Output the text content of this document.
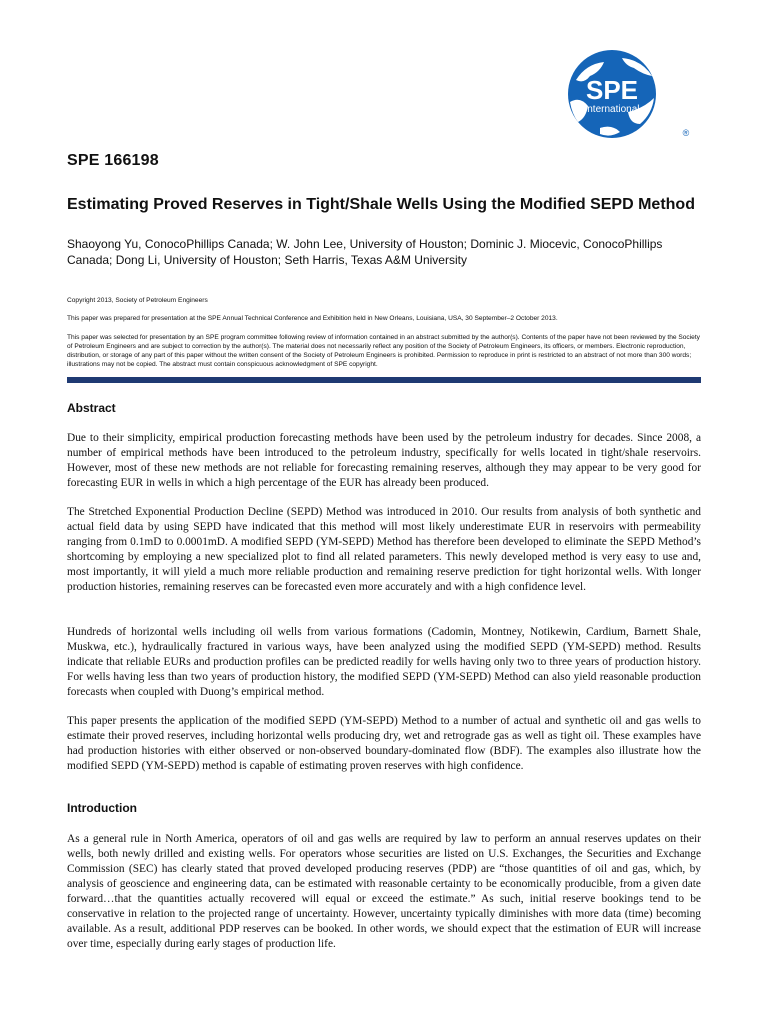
SPE
International
®
SPE 166198
Estimating Proved Reserves in Tight/Shale Wells Using the Modified SEPD Method
Shaoyong Yu, ConocoPhillips Canada; W. John Lee, University of Houston; Dominic J. Miocevic, ConocoPhillips Canada; Dong Li, University of Houston; Seth Harris, Texas A&M University
Copyright 2013, Society of Petroleum Engineers
This paper was prepared for presentation at the SPE Annual Technical Conference and Exhibition held in New Orleans, Louisiana, USA, 30 September–2 October 2013.
This paper was selected for presentation by an SPE program committee following review of information contained in an abstract submitted by the author(s). Contents of the paper have not been reviewed by the Society of Petroleum Engineers and are subject to correction by the author(s). The material does not necessarily reflect any position of the Society of Petroleum Engineers, its officers, or members. Electronic reproduction, distribution, or storage of any part of this paper without the written consent of the Society of Petroleum Engineers is prohibited. Permission to reproduce in print is restricted to an abstract of not more than 300 words; illustrations may not be copied. The abstract must contain conspicuous acknowledgment of SPE copyright.
Abstract

Due to their simplicity, empirical production forecasting methods have been used by the petroleum industry for decades. Since 2008, a number of empirical methods have been introduced to the petroleum industry, specifically for wells located in tight/shale reservoirs. However, most of these new methods are not reliable for forecasting remaining reserves, although they may appear to be very good for forecasting EUR in wells in which a high percentage of the EUR has already been produced.

The Stretched Exponential Production Decline (SEPD) Method was introduced in 2010. Our results from analysis of both synthetic and actual field data by using SEPD have indicated that this method will most likely underestimate EUR in reservoirs with permeability ranging from 0.1mD to 0.0001mD. A modified SEPD (YM-SEPD) Method has therefore been developed to eliminate the SEPD Method’s shortcoming by employing a new specialized plot to find all related parameters. This newly developed method is very easy to use and, most importantly, it will yield a much more reliable production and remaining reserve prediction for tight horizontal wells. With longer production histories, remaining reserves can be forecasted even more accurately and with a high confidence level.

Hundreds of horizontal wells including oil wells from various formations (Cadomin, Montney, Notikewin, Cardium, Barnett Shale, Muskwa, etc.), hydraulically fractured in various ways, have been analyzed using the modified SEPD (YM-SEPD) method. Results indicate that reliable EURs and production profiles can be predicted readily for wells having only two to three years of production history. For wells having less than two years of production history, the modified SEPD (YM-SEPD) Method can also yield reasonable production forecasts when coupled with Duong’s empirical method.

This paper presents the application of the modified SEPD (YM-SEPD) Method to a number of actual and synthetic oil and gas wells to estimate their proved reserves, including horizontal wells producing dry, wet and retrograde gas as well as tight oil. These examples have had production histories with either observed or non-observed boundary-dominated flow (BDF). The examples also illustrate how the modified SEPD (YM-SEPD) method is capable of estimating proven reserves with high confidence.

Introduction

As a general rule in North America, operators of oil and gas wells are required by law to perform an annual reserves updates on their wells, both newly drilled and existing wells. For operators whose securities are listed on U.S. Exchanges, the Securities and Exchange Commission (SEC) has clearly stated that proved developed producing reserves (PDP) are “those quantities of oil and gas, which, by analysis of geoscience and engineering data, can be estimated with reasonable certainty to be economically producible, from a given date forward…that the quantities actually recovered will equal or exceed the estimate.” As such, initial reserve bookings tend to be conservative in relation to the projected range of uncertainty. However, uncertainty typically diminishes with more data (time) becoming available. As a result, additional PDP reserves can be booked. In other words, we should expect that the estimation of EUR will increase over time, especially during early stages of production life.
